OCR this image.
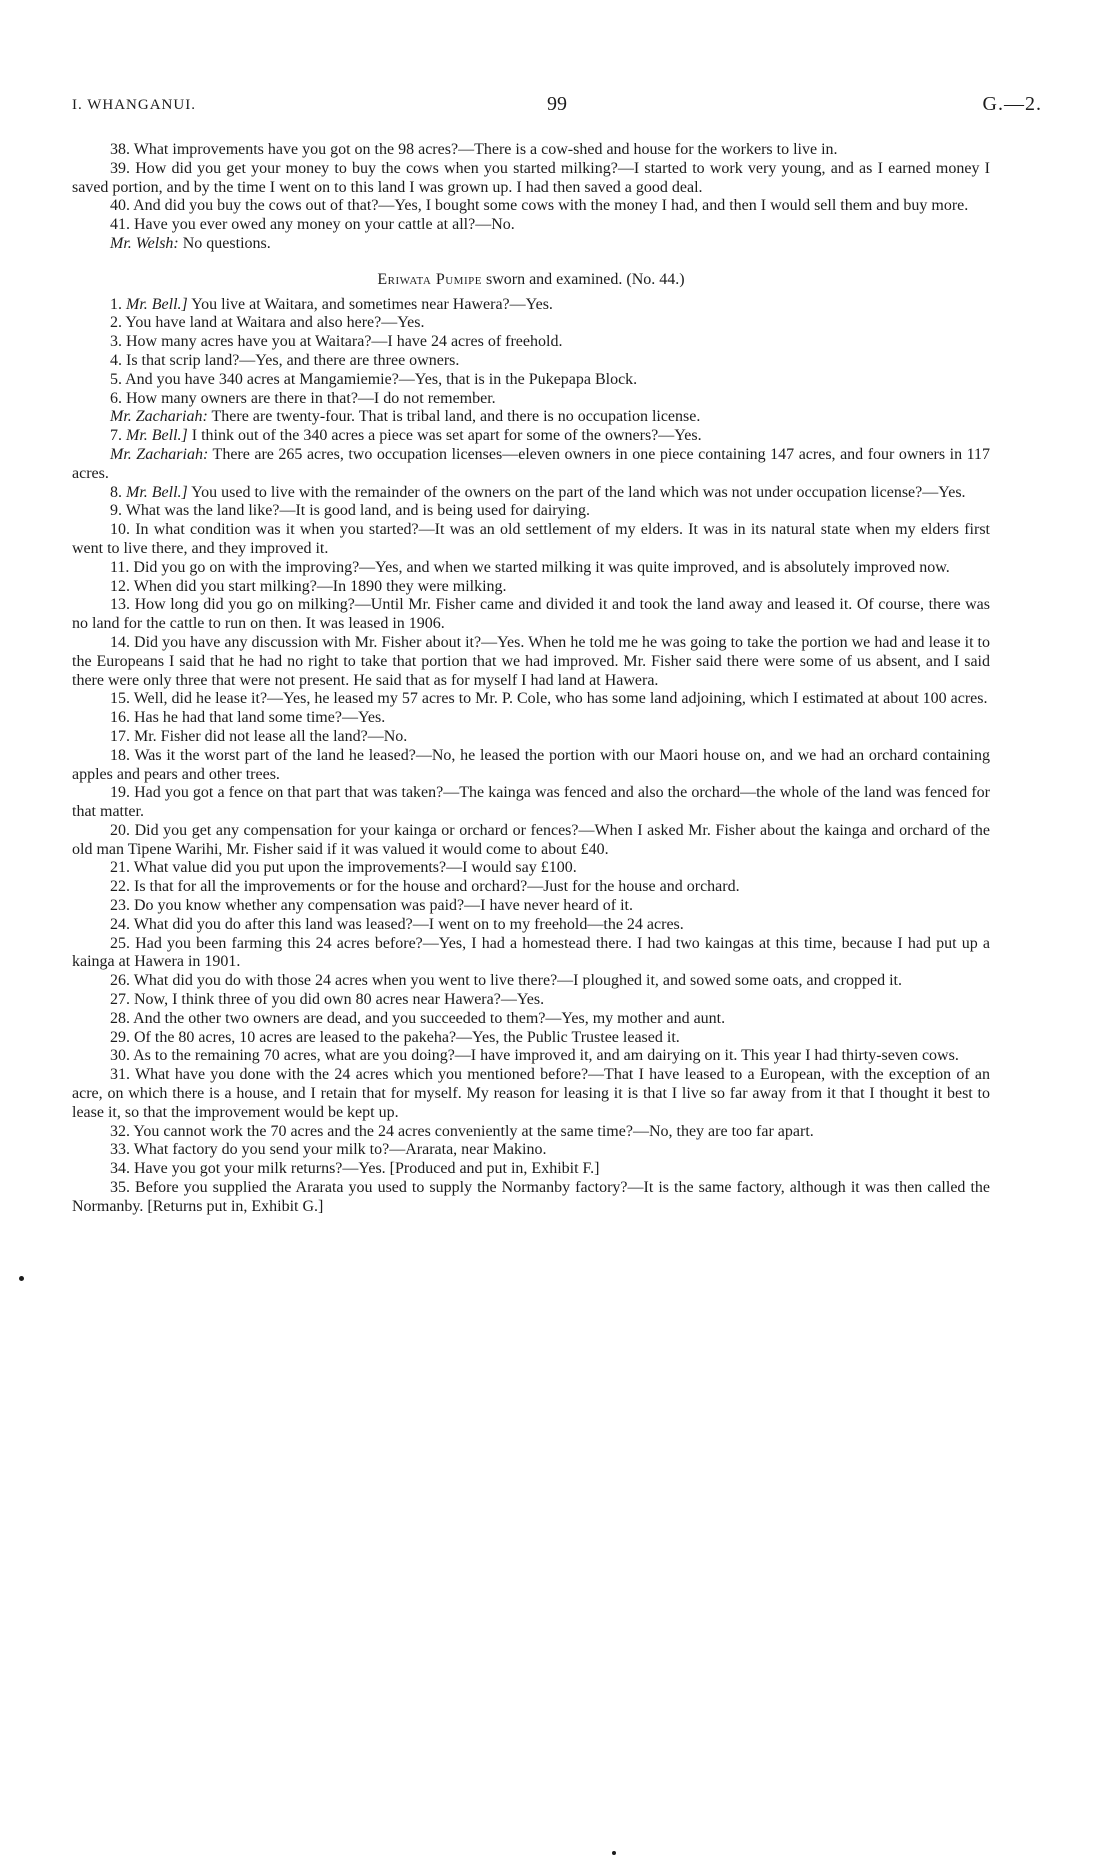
I. WHANGANUI.	99	G.—2.

38. What improvements have you got on the 98 acres?—There is a cow-shed and house for the workers to live in.

39. How did you get your money to buy the cows when you started milking?—I started to work very young, and as I earned money I saved portion, and by the time I went on to this land I was grown up. I had then saved a good deal.

40. And did you buy the cows out of that?—Yes, I bought some cows with the money I had, and then I would sell them and buy more.

41. Have you ever owed any money on your cattle at all?—No.

Mr. Welsh: No questions.

Eriwata Pumipe sworn and examined. (No. 44.)

1. Mr. Bell.] You live at Waitara, and sometimes near Hawera?—Yes.

2. You have land at Waitara and also here?—Yes.

3. How many acres have you at Waitara?—I have 24 acres of freehold.

4. Is that scrip land?—Yes, and there are three owners.

5. And you have 340 acres at Mangamiemie?—Yes, that is in the Pukepapa Block.

6. How many owners are there in that?—I do not remember.

Mr. Zachariah: There are twenty-four. That is tribal land, and there is no occupation license.

7. Mr. Bell.] I think out of the 340 acres a piece was set apart for some of the owners?—Yes.

Mr. Zachariah: There are 265 acres, two occupation licenses—eleven owners in one piece containing 147 acres, and four owners in 117 acres.

8. Mr. Bell.] You used to live with the remainder of the owners on the part of the land which was not under occupation license?—Yes.

9. What was the land like?—It is good land, and is being used for dairying.

10. In what condition was it when you started?—It was an old settlement of my elders. It was in its natural state when my elders first went to live there, and they improved it.

11. Did you go on with the improving?—Yes, and when we started milking it was quite improved, and is absolutely improved now.

12. When did you start milking?—In 1890 they were milking.

13. How long did you go on milking?—Until Mr. Fisher came and divided it and took the land away and leased it. Of course, there was no land for the cattle to run on then. It was leased in 1906.

14. Did you have any discussion with Mr. Fisher about it?—Yes. When he told me he was going to take the portion we had and lease it to the Europeans I said that he had no right to take that portion that we had improved. Mr. Fisher said there were some of us absent, and I said there were only three that were not present. He said that as for myself I had land at Hawera.

15. Well, did he lease it?—Yes, he leased my 57 acres to Mr. P. Cole, who has some land adjoining, which I estimated at about 100 acres.

16. Has he had that land some time?—Yes.

17. Mr. Fisher did not lease all the land?—No.

18. Was it the worst part of the land he leased?—No, he leased the portion with our Maori house on, and we had an orchard containing apples and pears and other trees.

19. Had you got a fence on that part that was taken?—The kainga was fenced and also the orchard—the whole of the land was fenced for that matter.

20. Did you get any compensation for your kainga or orchard or fences?—When I asked Mr. Fisher about the kainga and orchard of the old man Tipene Warihi, Mr. Fisher said if it was valued it would come to about £40.

21. What value did you put upon the improvements?—I would say £100.

22. Is that for all the improvements or for the house and orchard?—Just for the house and orchard.

23. Do you know whether any compensation was paid?—I have never heard of it.

24. What did you do after this land was leased?—I went on to my freehold—the 24 acres.

25. Had you been farming this 24 acres before?—Yes, I had a homestead there. I had two kaingas at this time, because I had put up a kainga at Hawera in 1901.

26. What did you do with those 24 acres when you went to live there?—I ploughed it, and sowed some oats, and cropped it.

27. Now, I think three of you did own 80 acres near Hawera?—Yes.

28. And the other two owners are dead, and you succeeded to them?—Yes, my mother and aunt.

29. Of the 80 acres, 10 acres are leased to the pakeha?—Yes, the Public Trustee leased it.

30. As to the remaining 70 acres, what are you doing?—I have improved it, and am dairying on it. This year I had thirty-seven cows.

31. What have you done with the 24 acres which you mentioned before?—That I have leased to a European, with the exception of an acre, on which there is a house, and I retain that for myself. My reason for leasing it is that I live so far away from it that I thought it best to lease it, so that the improvement would be kept up.

32. You cannot work the 70 acres and the 24 acres conveniently at the same time?—No, they are too far apart.

33. What factory do you send your milk to?—Ararata, near Makino.

34. Have you got your milk returns?—Yes. [Produced and put in, Exhibit F.]

35. Before you supplied the Ararata you used to supply the Normanby factory?—It is the same factory, although it was then called the Normanby. [Returns put in, Exhibit G.]
